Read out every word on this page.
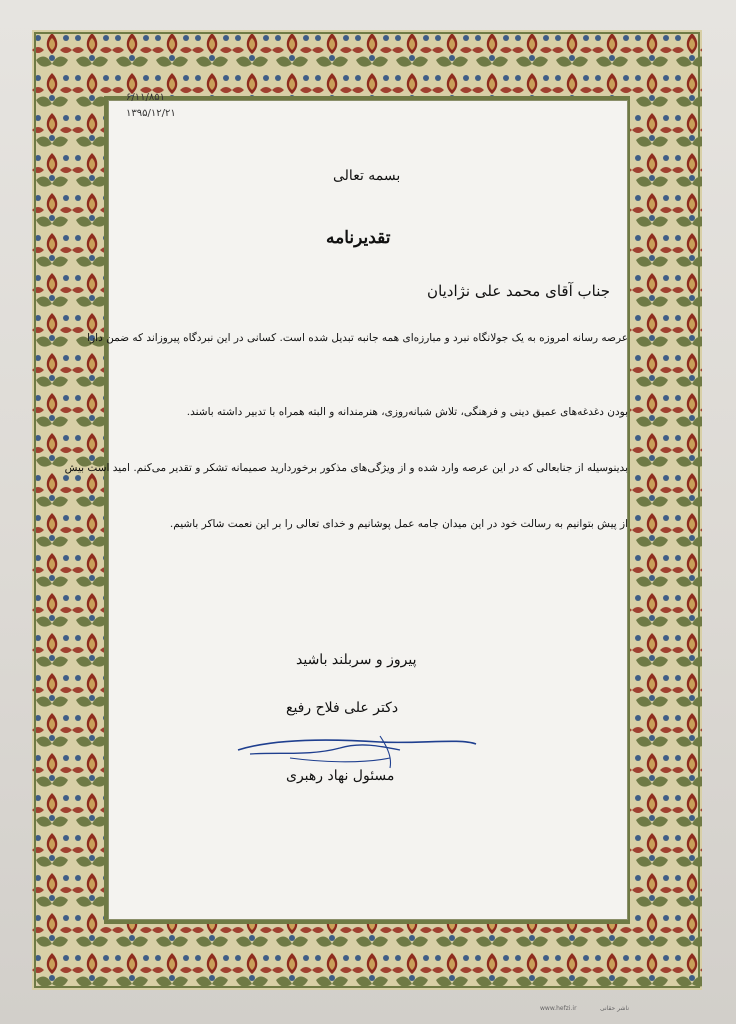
۶/۱۱/۸۵۱
۱۳۹۵/۱۲/۲۱
بسمه تعالی
تقدیرنامه
جناب آقای محمد علی نژادیان
عرصه رسانه امروزه به یک جولانگاه نبرد و مبارزه‌ای همه جانبه تبدیل شده است. کسانی در این نبردگاه پیروزاند که ضمن دارا
بودن دغدغه‌های عمیق دینی و فرهنگی، تلاش شبانه‌روزی، هنرمندانه و البته همراه با تدبیر داشته باشند.
بدینوسیله از جنابعالی که در این عرصه وارد شده و از ویژگی‌های مذکور برخوردارید صمیمانه تشکر و تقدیر می‌کنم. امید است بیش
از پیش بتوانیم به رسالت خود در این میدان جامه عمل پوشانیم و خدای تعالی را بر این نعمت شاکر باشیم.
پیروز و سربلند باشید
دکتر علی فلاح رفیع
مسئول نهاد رهبری
ناشر حقانی
www.hefzi.ir
